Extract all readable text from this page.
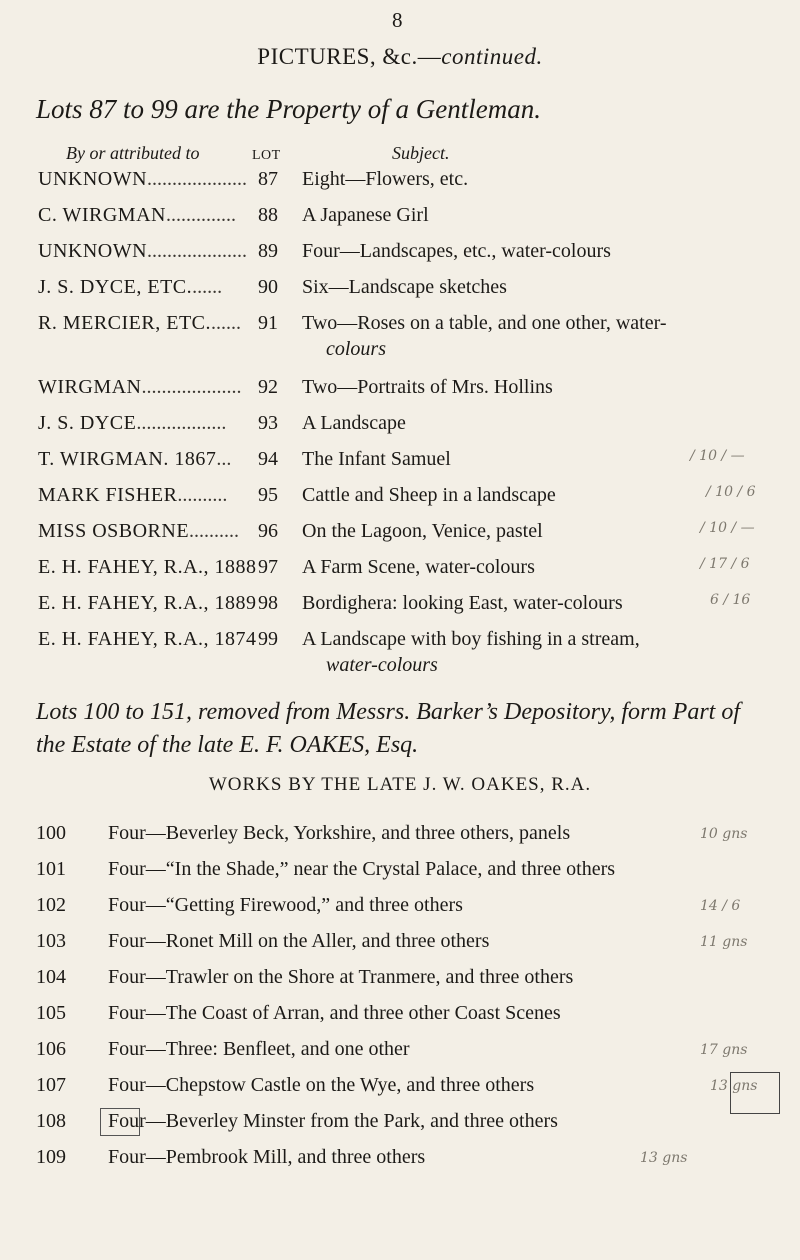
8
PICTURES, &c.—continued.
Lots 87 to 99 are the Property of a Gentleman.
By or attributed to	LOT	Subject.
UNKNOWN.................... 87 Eight—Flowers, etc.
C. WIRGMAN.............. 88 A Japanese Girl
UNKNOWN.................... 89 Four—Landscapes, etc., water-colours
J. S. DYCE, ETC....... 90 Six—Landscape sketches
R. MERCIER, ETC....... 91 Two—Roses on a table, and one other, water-
colours
WIRGMAN.................... 92 Two—Portraits of Mrs. Hollins
J. S. DYCE.................. 93 A Landscape
T. WIRGMAN. 1867... 94 The Infant Samuel
MARK FISHER.......... 95 Cattle and Sheep in a landscape
MISS OSBORNE.......... 96 On the Lagoon, Venice, pastel
E. H. FAHEY, R.A., 1888 97 A Farm Scene, water-colours
E. H. FAHEY, R.A., 1889 98 Bordighera: looking East, water-colours
E. H. FAHEY, R.A., 1874 99 A Landscape with boy fishing in a stream,
water-colours
Lots 100 to 151, removed from Messrs. Barker’s Depository, form Part of the Estate of the late E. F. OAKES, Esq.
WORKS BY THE LATE J. W. OAKES, R.A.
100 Four—Beverley Beck, Yorkshire, and three others, panels
101 Four—“In the Shade,” near the Crystal Palace, and three others
102 Four—“Getting Firewood,” and three others
103 Four—Ronet Mill on the Aller, and three others
104 Four—Trawler on the Shore at Tranmere, and three others
105 Four—The Coast of Arran, and three other Coast Scenes
106 Four—Three: Benfleet, and one other
107 Four—Chepstow Castle on the Wye, and three others
108 Four—Beverley Minster from the Park, and three others
109 Four—Pembrook Mill, and three others
/ 10 / —
/ 10 / 6
/ 10 / —
/ 17 / 6
6 / 16
10 gns
14 / 6
11 gns
17 gns
13 gns
13 gns
